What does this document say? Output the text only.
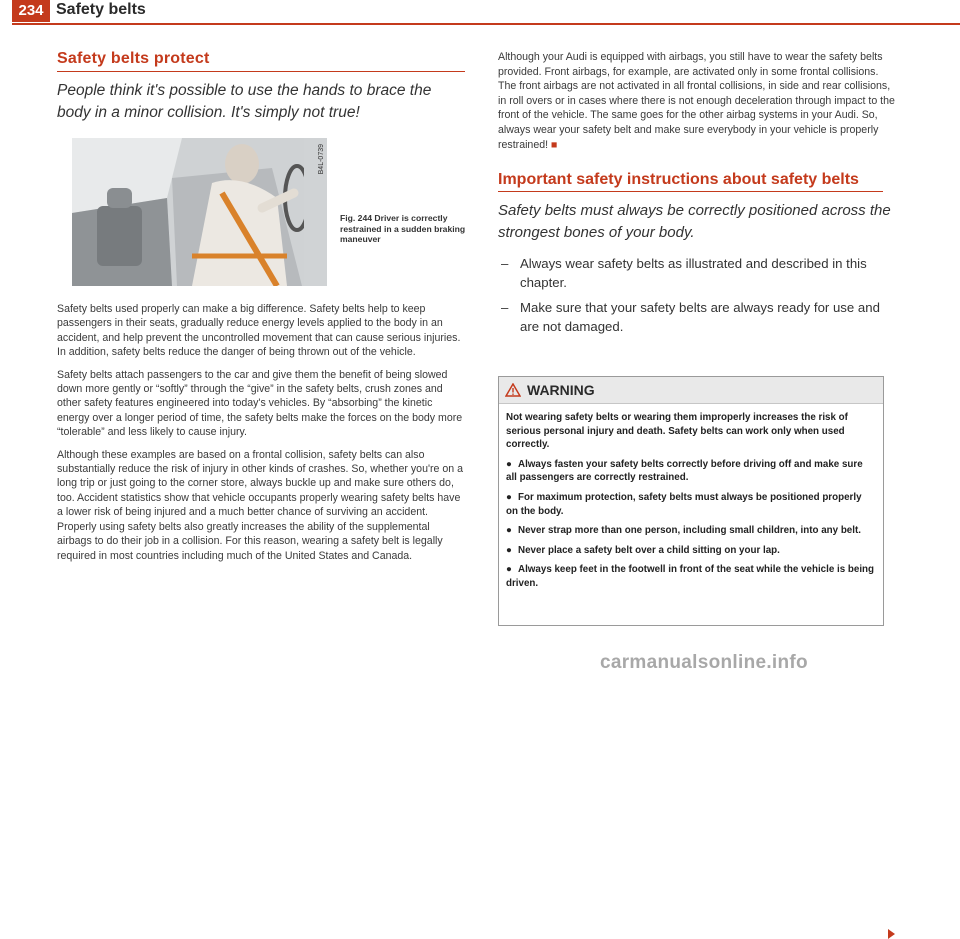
234 Safety belts
Safety belts protect

People think it's possible to use the hands to brace the body in a minor collision. It's simply not true!

B4L-0739
Fig. 244 Driver is correctly restrained in a sudden braking maneuver

Safety belts used properly can make a big difference. Safety belts help to keep passengers in their seats, gradually reduce energy levels applied to the body in an accident, and help prevent the uncontrolled movement that can cause serious injuries. In addition, safety belts reduce the danger of being thrown out of the vehicle.

Safety belts attach passengers to the car and give them the benefit of being slowed down more gently or “softly” through the “give” in the safety belts, crush zones and other safety features engineered into today's vehicles. By “absorbing” the kinetic energy over a longer period of time, the safety belts make the forces on the body more “tolerable” and less likely to cause injury.

Although these examples are based on a frontal collision, safety belts can also substantially reduce the risk of injury in other kinds of crashes. So, whether you're on a long trip or just going to the corner store, always buckle up and make sure others do, too. Accident statistics show that vehicle occupants properly wearing safety belts have a lower risk of being injured and a much better chance of surviving an accident. Properly using safety belts also greatly increases the ability of the supplemental airbags to do their job in a collision. For this reason, wearing a safety belt is legally required in most countries including much of the United States and Canada.

Although your Audi is equipped with airbags, you still have to wear the safety belts provided. Front airbags, for example, are activated only in some frontal collisions. The front airbags are not activated in all frontal collisions, in side and rear collisions, in roll overs or in cases where there is not enough deceleration through impact to the front of the vehicle. The same goes for the other airbag systems in your Audi. So, always wear your safety belt and make sure everybody in your vehicle is properly restrained! ■

Important safety instructions about safety belts

Safety belts must always be correctly positioned across the strongest bones of your body.

– Always wear safety belts as illustrated and described in this chapter.
– Make sure that your safety belts are always ready for use and are not damaged.
WARNING

Not wearing safety belts or wearing them improperly increases the risk of serious personal injury and death. Safety belts can work only when used correctly.

● Always fasten your safety belts correctly before driving off and make sure all passengers are correctly restrained.

● For maximum protection, safety belts must always be positioned properly on the body.

● Never strap more than one person, including small children, into any belt.

● Never place a safety belt over a child sitting on your lap.

● Always keep feet in the footwell in front of the seat while the vehicle is being driven.

carmanualsonline.info
